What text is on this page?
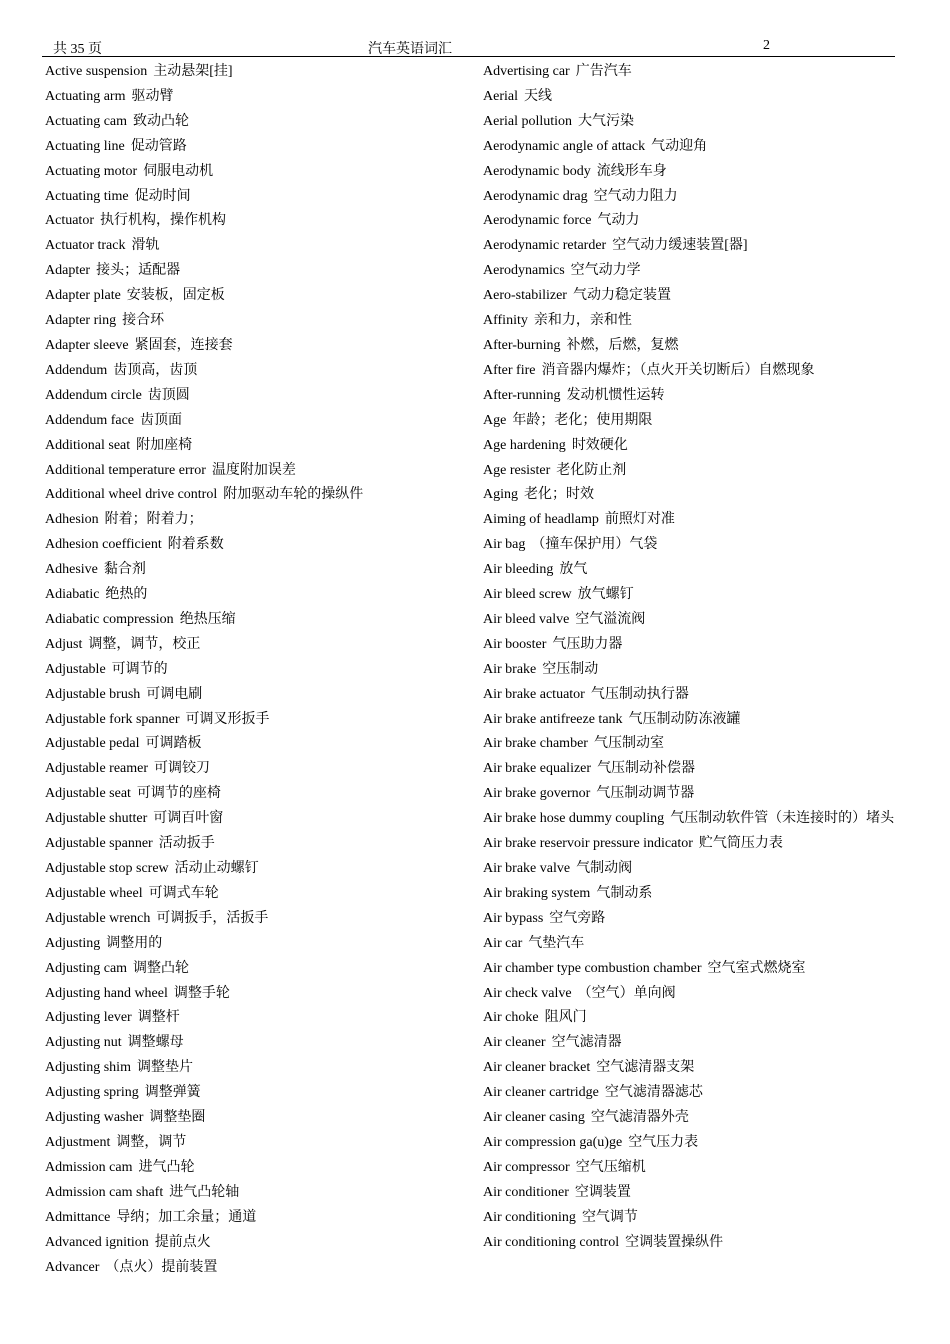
共 35 页	汽车英语词汇	2
Active suspension 主动悬架[挂]
Actuating arm 驱动臂
Actuating cam 致动凸轮
Actuating line 促动管路
Actuating motor 伺服电动机
Actuating time 促动时间
Actuator 执行机构，操作机构
Actuator track 滑轨
Adapter 接头；适配器
Adapter plate 安装板，固定板
Adapter ring 接合环
Adapter sleeve 紧固套，连接套
Addendum 齿顶高，齿顶
Addendum circle 齿顶圆
Addendum face 齿顶面
Additional seat 附加座椅
Additional temperature error 温度附加误差
Additional wheel drive control 附加驱动车轮的操纵件
Adhesion 附着；附着力；
Adhesion coefficient 附着系数
Adhesive 黏合剂
Adiabatic 绝热的
Adiabatic compression 绝热压缩
Adjust 调整，调节，校正
Adjustable 可调节的
Adjustable brush 可调电刷
Adjustable fork spanner 可调叉形扳手
Adjustable pedal 可调踏板
Adjustable reamer 可调铰刀
Adjustable seat 可调节的座椅
Adjustable shutter 可调百叶窗
Adjustable spanner 活动扳手
Adjustable stop screw 活动止动螺钉
Adjustable wheel 可调式车轮
Adjustable wrench 可调扳手，活扳手
Adjusting 调整用的
Adjusting cam 调整凸轮
Adjusting hand wheel 调整手轮
Adjusting lever 调整杆
Adjusting nut 调整螺母
Adjusting shim 调整垫片
Adjusting spring 调整弹簧
Adjusting washer 调整垫圈
Adjustment 调整，调节
Admission cam 进气凸轮
Admission cam shaft 进气凸轮轴
Admittance 导纳；加工余量；通道
Advanced ignition 提前点火
Advancer （点火）提前装置
Advertising car 广告汽车
Aerial 天线
Aerial pollution 大气污染
Aerodynamic angle of attack 气动迎角
Aerodynamic body 流线形车身
Aerodynamic drag 空气动力阻力
Aerodynamic force 气动力
Aerodynamic retarder 空气动力缓速装置[器]
Aerodynamics 空气动力学
Aero-stabilizer 气动力稳定装置
Affinity 亲和力，亲和性
After-burning 补燃，后燃，复燃
After fire 消音器内爆炸；（点火开关切断后）自燃现象
After-running 发动机惯性运转
Age 年龄；老化；使用期限
Age hardening 时效硬化
Age resister 老化防止剂
Aging 老化；时效
Aiming of headlamp 前照灯对准
Air bag （撞车保护用）气袋
Air bleeding 放气
Air bleed screw 放气螺钉
Air bleed valve 空气溢流阀
Air booster 气压助力器
Air brake 空压制动
Air brake actuator 气压制动执行器
Air brake antifreeze tank 气压制动防冻液罐
Air brake chamber 气压制动室
Air brake equalizer 气压制动补偿器
Air brake governor 气压制动调节器
Air brake hose dummy coupling 气压制动软件管（未连接时的）堵头
Air brake reservoir pressure indicator 贮气筒压力表
Air brake valve 气制动阀
Air braking system 气制动系
Air bypass 空气旁路
Air car 气垫汽车
Air chamber type combustion chamber 空气室式燃烧室
Air check valve （空气）单向阀
Air choke 阻风门
Air cleaner 空气滤清器
Air cleaner bracket 空气滤清器支架
Air cleaner cartridge 空气滤清器滤芯
Air cleaner casing 空气滤清器外壳
Air compression ga(u)ge 空气压力表
Air compressor 空气压缩机
Air conditioner 空调装置
Air conditioning 空气调节
Air conditioning control 空调装置操纵件
